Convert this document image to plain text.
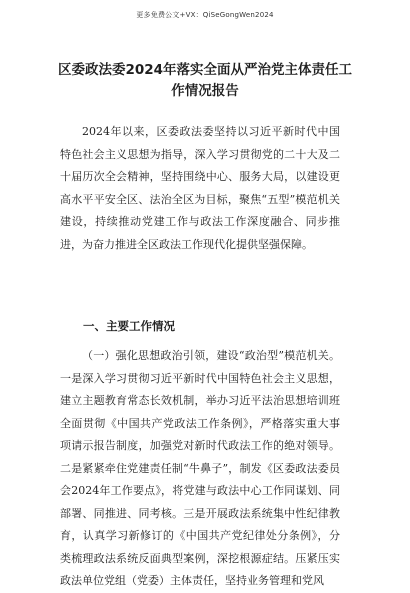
更多免费公文+VX：QiSeGongWen2024
区委政法委2024年落实全面从严治党主体责任工作情况报告
2024年以来，区委政法委坚持以习近平新时代中国特色社会主义思想为指导，深入学习贯彻党的二十大及二十届历次全会精神，坚持围绕中心、服务大局，以建设更高水平平安全区、法治全区为目标，聚焦“五型”模范机关建设，持续推动党建工作与政法工作深度融合、同步推进，为奋力推进全区政法工作现代化提供坚强保障。
一、主要工作情况
（一）强化思想政治引领，建设“政治型”模范机关。一是深入学习贯彻习近平新时代中国特色社会主义思想，建立主题教育常态长效机制，举办习近平法治思想培训班全面贯彻《中国共产党政法工作条例》，严格落实重大事项请示报告制度，加强党对新时代政法工作的绝对领导。二是紧紧牵住党建责任制“牛鼻子”，制发《区委政法委员会2024年工作要点》，将党建与政法中心工作同谋划、同部署、同推进、同考核。三是开展政法系统集中性纪律教育，认真学习新修订的《中国共产党纪律处分条例》，分类梳理政法系统反面典型案例，深挖根源症结。压紧压实政法单位党组（党委）主体责任，坚持业务管理和党风
